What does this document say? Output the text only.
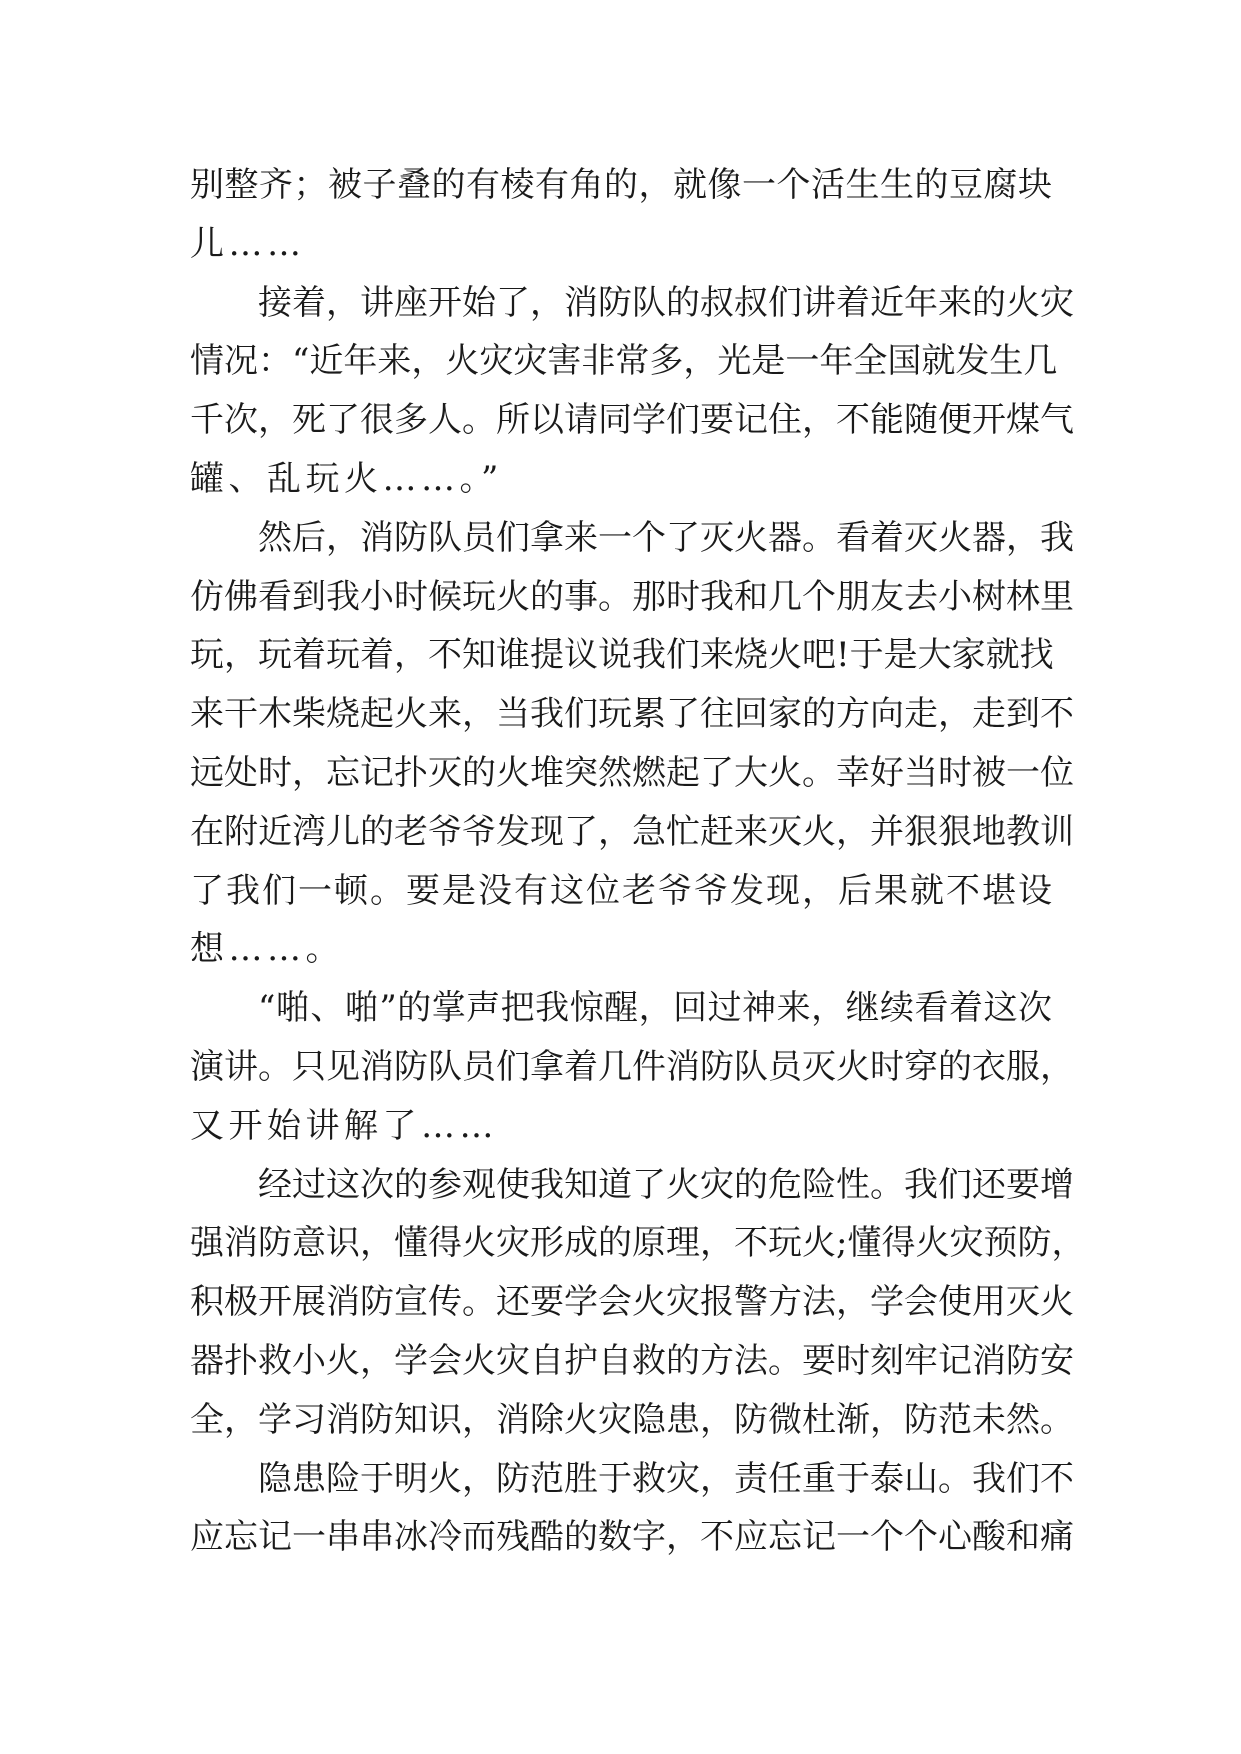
别整齐；被子叠的有棱有角的，就像一个活生生的豆腐块
儿……
接着，讲座开始了，消防队的叔叔们讲着近年来的火灾
情况：“近年来，火灾灾害非常多，光是一年全国就发生几
千次，死了很多人。所以请同学们要记住，不能随便开煤气
罐、乱玩火……。”
然后，消防队员们拿来一个了灭火器。看着灭火器，我
仿佛看到我小时候玩火的事。那时我和几个朋友去小树林里
玩，玩着玩着，不知谁提议说我们来烧火吧!于是大家就找
来干木柴烧起火来，当我们玩累了往回家的方向走，走到不
远处时，忘记扑灭的火堆突然燃起了大火。幸好当时被一位
在附近湾儿的老爷爷发现了，急忙赶来灭火，并狠狠地教训
了我们一顿。要是没有这位老爷爷发现，后果就不堪设
想……。
“啪、啪”的掌声把我惊醒，回过神来，继续看着这次
演讲。只见消防队员们拿着几件消防队员灭火时穿的衣服，
又开始讲解了……
经过这次的参观使我知道了火灾的危险性。我们还要增
强消防意识，懂得火灾形成的原理，不玩火;懂得火灾预防，
积极开展消防宣传。还要学会火灾报警方法，学会使用灭火
器扑救小火，学会火灾自护自救的方法。要时刻牢记消防安
全，学习消防知识，消除火灾隐患，防微杜渐，防范未然。
隐患险于明火，防范胜于救灾，责任重于泰山。我们不
应忘记一串串冰冷而残酷的数字，不应忘记一个个心酸和痛
